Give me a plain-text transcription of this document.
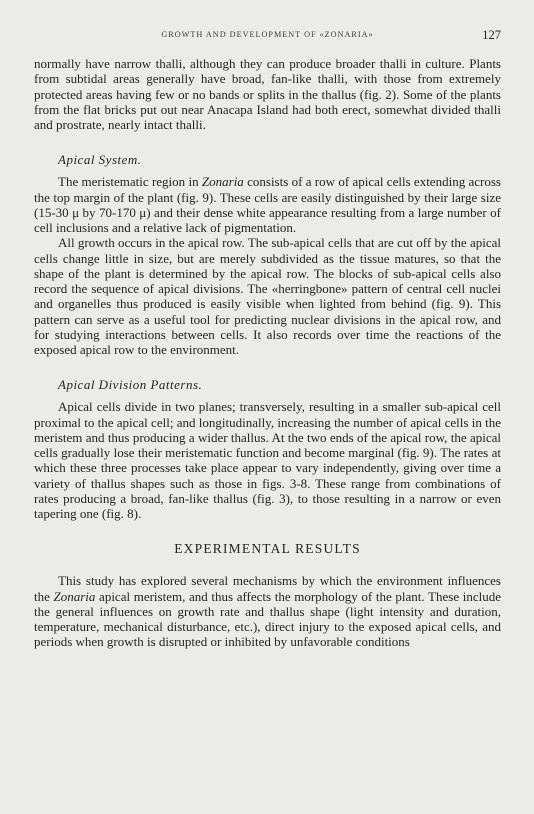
GROWTH AND DEVELOPMENT OF «ZONARIA»	127

normally have narrow thalli, although they can produce broader thalli in culture. Plants from subtidal areas generally have broad, fan-like thalli, with those from extremely protected areas having few or no bands or splits in the thallus (fig. 2). Some of the plants from the flat bricks put out near Anacapa Island had both erect, somewhat divided thalli and prostrate, nearly intact thalli.

Apical System.

The meristematic region in Zonaria consists of a row of apical cells extending across the top margin of the plant (fig. 9). These cells are easily distinguished by their large size (15-30 μ by 70-170 μ) and their dense white appearance resulting from a large number of cell inclusions and a relative lack of pigmentation.

All growth occurs in the apical row. The sub-apical cells that are cut off by the apical cells change little in size, but are merely subdivided as the tissue matures, so that the shape of the plant is determined by the apical row. The blocks of sub-apical cells also record the sequence of apical divisions. The «herringbone» pattern of central cell nuclei and organelles thus produced is easily visible when lighted from behind (fig. 9). This pattern can serve as a useful tool for predicting nuclear divisions in the apical row, and for studying interactions between cells. It also records over time the reactions of the exposed apical row to the environment.

Apical Division Patterns.

Apical cells divide in two planes; transversely, resulting in a smaller sub-apical cell proximal to the apical cell; and longitudinally, increasing the number of apical cells in the meristem and thus producing a wider thallus. At the two ends of the apical row, the apical cells gradually lose their meristematic function and become marginal (fig. 9). The rates at which these three processes take place appear to vary independently, giving over time a variety of thallus shapes such as those in figs. 3-8. These range from combinations of rates producing a broad, fan-like thallus (fig. 3), to those resulting in a narrow or even tapering one (fig. 8).

EXPERIMENTAL RESULTS

This study has explored several mechanisms by which the environment influences the Zonaria apical meristem, and thus affects the morphology of the plant. These include the general influences on growth rate and thallus shape (light intensity and duration, temperature, mechanical disturbance, etc.), direct injury to the exposed apical cells, and periods when growth is disrupted or inhibited by unfavorable conditions
